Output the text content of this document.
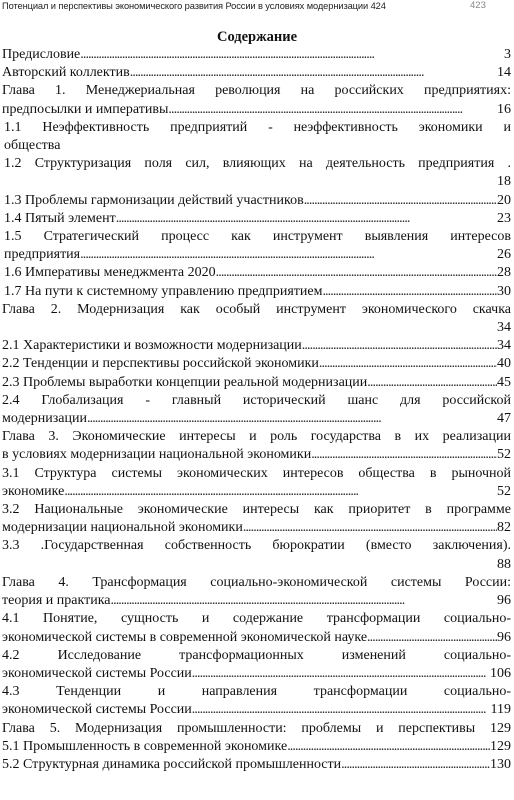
Потенциал и перспективы экономического развития России в условиях модернизации 424	423
Содержание
Предисловие . . .	3
Авторский коллектив . . .	14
Глава 1. Менеджериальная революция на российских предприятиях:
предпосылки и императивы . . .	16
1.1 Неэффективность предприятий - неэффективность экономики и
общества
1.2 Структуризация поля сил, влияющих на деятельность предприятия .
18
1.3 Проблемы гармонизации действий участников . . .	20
1.4 Пятый элемент . . .	23
1.5 Стратегический процесс как инструмент выявления интересов
предприятия . . .	26
1.6 Императивы менеджмента 2020 . . .	28
1.7 На пути к системному управлению предприятием . . .	30
Глава 2. Модернизация как особый инструмент экономического скачка
34
2.1 Характеристики и возможности модернизации . . .	34
2.2 Тенденции и перспективы российской экономики . . .	40
2.3 Проблемы выработки концепции реальной модернизации . . .	45
2.4 Глобализация - главный исторический шанс для российской
модернизации . . .	47
Глава 3. Экономические интересы и роль государства в их реализации
в условиях модернизации национальной экономики . . .	52
3.1 Структура системы экономических интересов общества в рыночной
экономике . . .	52
3.2 Национальные экономические интересы как приоритет в программе
модернизации национальной экономики . . .	82
3.3 .Государственная собственность бюрократии (вместо заключения).
88
Глава 4. Трансформация социально-экономической системы России:
теория и практика . . .	96
4.1 Понятие, сущность и содержание трансформации социально-
экономической системы в современной экономической науке . . .	96
4.2 Исследование трансформационных изменений социально-
экономической системы России . . .	106
4.3 Тенденции и направления трансформации социально-
экономической системы России . . .	119
Глава 5. Модернизация промышленности: проблемы и перспективы 129
5.1 Промышленность в современной экономике . . .	129
5.2 Структурная динамика российской промышленности . . .	130
